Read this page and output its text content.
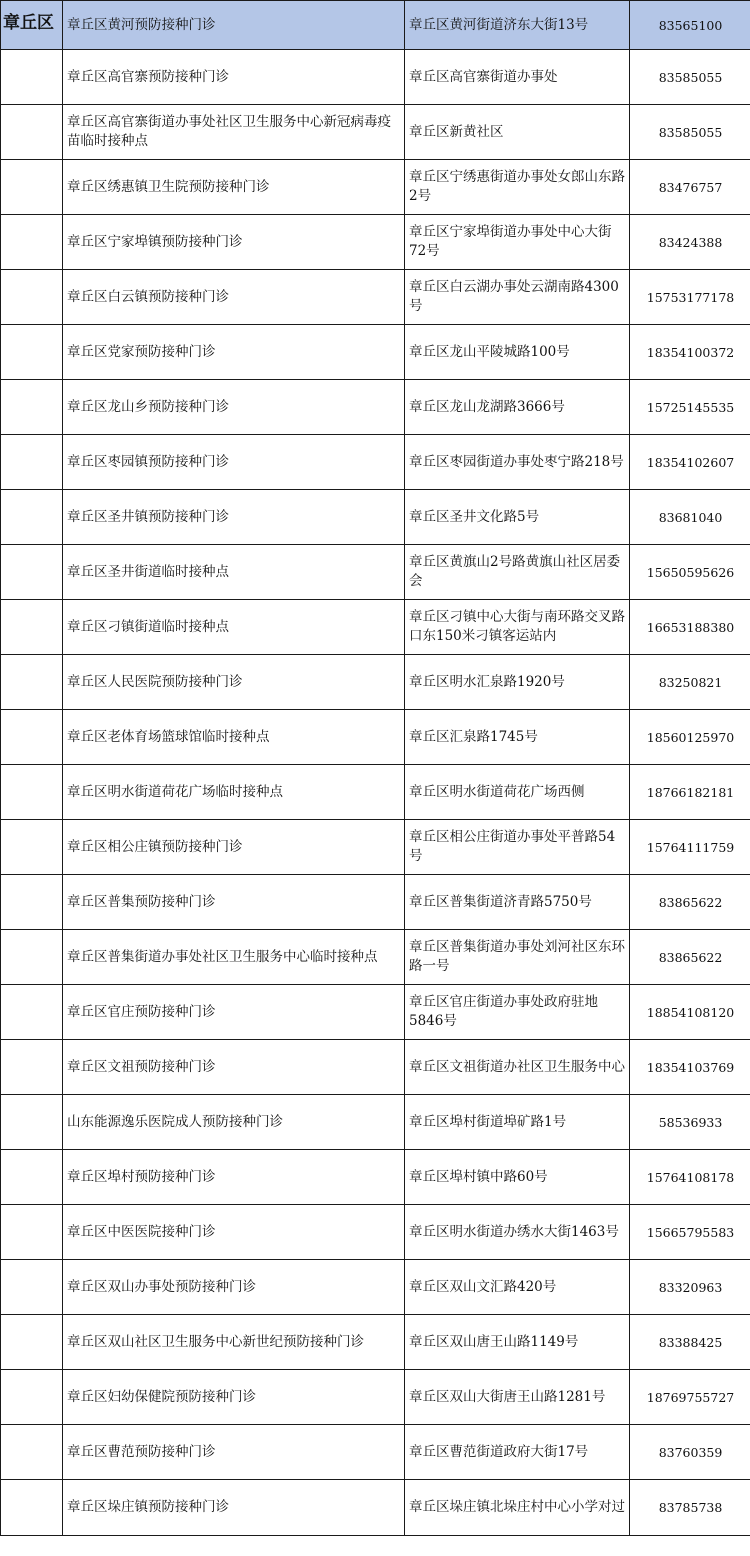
章丘区	章丘区黄河预防接种门诊	章丘区黄河街道济东大街13号	83565100
	章丘区高官寨预防接种门诊	章丘区高官寨街道办事处	83585055
	章丘区高官寨街道办事处社区卫生服务中心新冠病毒疫苗临时接种点	章丘区新黄社区	83585055
	章丘区绣惠镇卫生院预防接种门诊	章丘区宁绣惠街道办事处女郎山东路2号	83476757
	章丘区宁家埠镇预防接种门诊	章丘区宁家埠街道办事处中心大街72号	83424388
	章丘区白云镇预防接种门诊	章丘区白云湖办事处云湖南路4300号	15753177178
	章丘区党家预防接种门诊	章丘区龙山平陵城路100号	18354100372
	章丘区龙山乡预防接种门诊	章丘区龙山龙湖路3666号	15725145535
	章丘区枣园镇预防接种门诊	章丘区枣园街道办事处枣宁路218号	18354102607
	章丘区圣井镇预防接种门诊	章丘区圣井文化路5号	83681040
	章丘区圣井街道临时接种点	章丘区黄旗山2号路黄旗山社区居委会	15650595626
	章丘区刁镇街道临时接种点	章丘区刁镇中心大街与南环路交叉路口东150米刁镇客运站内	16653188380
	章丘区人民医院预防接种门诊	章丘区明水汇泉路1920号	83250821
	章丘区老体育场篮球馆临时接种点	章丘区汇泉路1745号	18560125970
	章丘区明水街道荷花广场临时接种点	章丘区明水街道荷花广场西侧	18766182181
	章丘区相公庄镇预防接种门诊	章丘区相公庄街道办事处平普路54号	15764111759
	章丘区普集预防接种门诊	章丘区普集街道济青路5750号	83865622
	章丘区普集街道办事处社区卫生服务中心临时接种点	章丘区普集街道办事处刘河社区东环路一号	83865622
	章丘区官庄预防接种门诊	章丘区官庄街道办事处政府驻地5846号	18854108120
	章丘区文祖预防接种门诊	章丘区文祖街道办社区卫生服务中心	18354103769
	山东能源逸乐医院成人预防接种门诊	章丘区埠村街道埠矿路1号	58536933
	章丘区埠村预防接种门诊	章丘区埠村镇中路60号	15764108178
	章丘区中医医院接种门诊	章丘区明水街道办绣水大街1463号	15665795583
	章丘区双山办事处预防接种门诊	章丘区双山文汇路420号	83320963
	章丘区双山社区卫生服务中心新世纪预防接种门诊	章丘区双山唐王山路1149号	83388425
	章丘区妇幼保健院预防接种门诊	章丘区双山大街唐王山路1281号	18769755727
	章丘区曹范预防接种门诊	章丘区曹范街道政府大街17号	83760359
	章丘区垛庄镇预防接种门诊	章丘区垛庄镇北垛庄村中心小学对过	83785738
